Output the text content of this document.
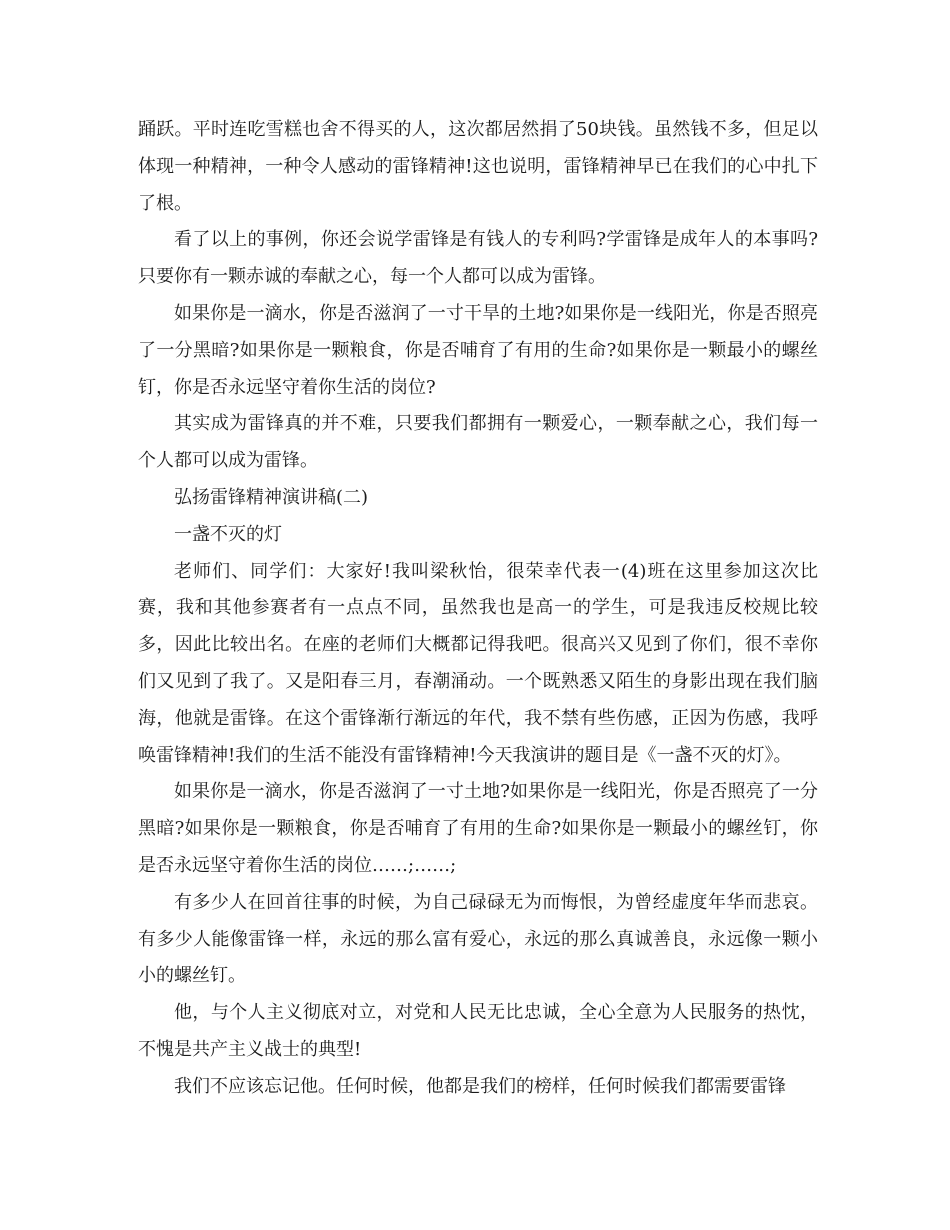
踊跃。平时连吃雪糕也舍不得买的人，这次都居然捐了50块钱。虽然钱不多，但足以体现一种精神，一种令人感动的雷锋精神!这也说明，雷锋精神早已在我们的心中扎下了根。

看了以上的事例，你还会说学雷锋是有钱人的专利吗?学雷锋是成年人的本事吗?只要你有一颗赤诚的奉献之心，每一个人都可以成为雷锋。

如果你是一滴水，你是否滋润了一寸干旱的土地?如果你是一线阳光，你是否照亮了一分黑暗?如果你是一颗粮食，你是否哺育了有用的生命?如果你是一颗最小的螺丝钉，你是否永远坚守着你生活的岗位?

其实成为雷锋真的并不难，只要我们都拥有一颗爱心，一颗奉献之心，我们每一个人都可以成为雷锋。

弘扬雷锋精神演讲稿(二)

一盏不灭的灯

老师们、同学们：大家好!我叫梁秋怡，很荣幸代表一(4)班在这里参加这次比赛，我和其他参赛者有一点点不同，虽然我也是高一的学生，可是我违反校规比较多，因此比较出名。在座的老师们大概都记得我吧。很高兴又见到了你们，很不幸你们又见到了我了。又是阳春三月，春潮涌动。一个既熟悉又陌生的身影出现在我们脑海，他就是雷锋。在这个雷锋渐行渐远的年代，我不禁有些伤感，正因为伤感，我呼唤雷锋精神!我们的生活不能没有雷锋精神!今天我演讲的题目是《一盏不灭的灯》。

如果你是一滴水，你是否滋润了一寸土地?如果你是一线阳光，你是否照亮了一分黑暗?如果你是一颗粮食，你是否哺育了有用的生命?如果你是一颗最小的螺丝钉，你是否永远坚守着你生活的岗位……;……;

有多少人在回首往事的时候，为自己碌碌无为而悔恨，为曾经虚度年华而悲哀。有多少人能像雷锋一样，永远的那么富有爱心，永远的那么真诚善良，永远像一颗小小的螺丝钉。

他，与个人主义彻底对立，对党和人民无比忠诚，全心全意为人民服务的热忱，不愧是共产主义战士的典型!

我们不应该忘记他。任何时候，他都是我们的榜样，任何时候我们都需要雷锋
